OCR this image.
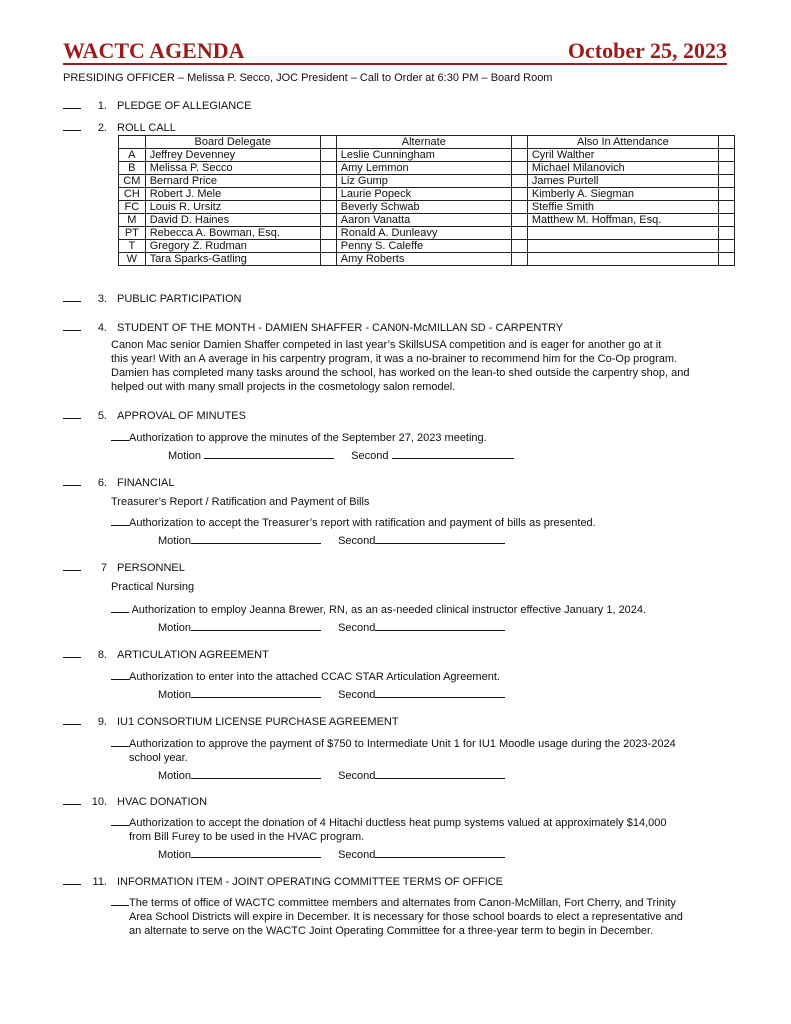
WACTC AGENDA	October 25, 2023
PRESIDING OFFICER – Melissa P. Secco, JOC President – Call to Order at 6:30 PM – Board Room
1. PLEDGE OF ALLEGIANCE
2. ROLL CALL
	Board Delegate		Alternate		Also In Attendance	
A	Jeffrey Devenney		Leslie Cunningham		Cyril Walther	
B	Melissa P. Secco		Amy Lemmon		Michael Milanovich	
CM	Bernard Price		Liz Gump		James Purtell	
CH	Robert J. Mele		Laurie Popeck		Kimberly A. Siegman	
FC	Louis R. Ursitz		Beverly Schwab		Steffie Smith	
M	David D. Haines		Aaron Vanatta		Matthew M. Hoffman, Esq.	
PT	Rebecca A. Bowman, Esq.		Ronald A. Dunleavy			
T	Gregory Z. Rudman		Penny S. Caleffe			
W	Tara Sparks-Gatling		Amy Roberts			
3. PUBLIC PARTICIPATION
4. STUDENT OF THE MONTH - DAMIEN SHAFFER - CAN0N-McMILLAN SD - CARPENTRY
Canon Mac senior Damien Shaffer competed in last year’s SkillsUSA competition and is eager for another go at it
this year! With an A average in his carpentry program, it was a no-brainer to recommend him for the Co-Op program.
Damien has completed many tasks around the school, has worked on the lean-to shed outside the carpentry shop, and
helped out with many small projects in the cosmetology salon remodel.
5. APPROVAL OF MINUTES
Authorization to approve the minutes of the September 27, 2023 meeting.
Motion	Second
6. FINANCIAL
Treasurer’s Report / Ratification and Payment of Bills
Authorization to accept the Treasurer’s report with ratification and payment of bills as presented.
Motion	Second
7 PERSONNEL
Practical Nursing
Authorization to employ Jeanna Brewer, RN, as an as-needed clinical instructor effective January 1, 2024.
Motion	Second
8. ARTICULATION AGREEMENT
Authorization to enter into the attached CCAC STAR Articulation Agreement.
Motion	Second
9. IU1 CONSORTIUM LICENSE PURCHASE AGREEMENT
Authorization to approve the payment of $750 to Intermediate Unit 1 for IU1 Moodle usage during the 2023-2024
school year.
Motion	Second
10. HVAC DONATION
Authorization to accept the donation of 4 Hitachi ductless heat pump systems valued at approximately $14,000
from Bill Furey to be used in the HVAC program.
Motion	Second
11. INFORMATION ITEM - JOINT OPERATING COMMITTEE TERMS OF OFFICE
The terms of office of WACTC committee members and alternates from Canon-McMillan, Fort Cherry, and Trinity
Area School Districts will expire in December. It is necessary for those school boards to elect a representative and
an alternate to serve on the WACTC Joint Operating Committee for a three-year term to begin in December.
